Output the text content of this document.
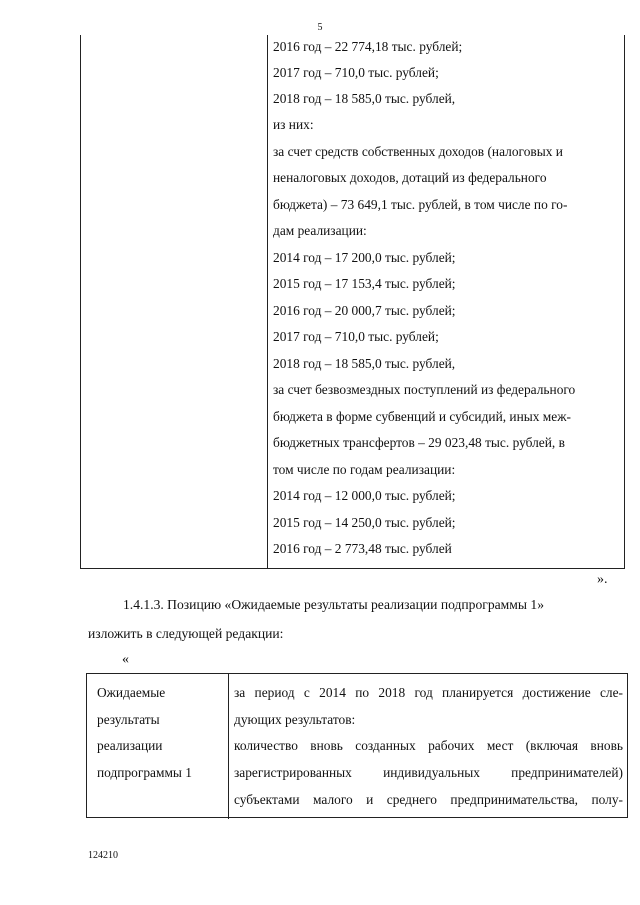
5
2016 год – 22 774,18 тыс. рублей;
2017 год – 710,0 тыс. рублей;
2018 год – 18 585,0 тыс. рублей,
из них:
за счет средств собственных доходов (налоговых и
неналоговых доходов, дотаций из федерального
бюджета) – 73 649,1 тыс. рублей, в том числе по го-
дам реализации:
2014 год – 17 200,0 тыс. рублей;
2015 год – 17 153,4 тыс. рублей;
2016 год – 20 000,7 тыс. рублей;
2017 год – 710,0 тыс. рублей;
2018 год – 18 585,0 тыс. рублей,
за счет безвозмездных поступлений из федерального
бюджета в форме субвенций и субсидий, иных меж-
бюджетных трансфертов – 29 023,48 тыс. рублей, в
том числе по годам реализации:
2014 год – 12 000,0 тыс. рублей;
2015 год – 14 250,0 тыс. рублей;
2016 год – 2 773,48 тыс. рублей
».
1.4.1.3. Позицию «Ожидаемые результаты реализации подпрограммы 1»
изложить в следующей редакции:
«
Ожидаемые
результаты
реализации
подпрограммы 1
за период с 2014 по 2018 год планируется достижение сле-
дующих результатов:
количество вновь созданных рабочих мест (включая вновь
зарегистрированных индивидуальных предпринимателей)
субъектами малого и среднего предпринимательства, полу-
124210
